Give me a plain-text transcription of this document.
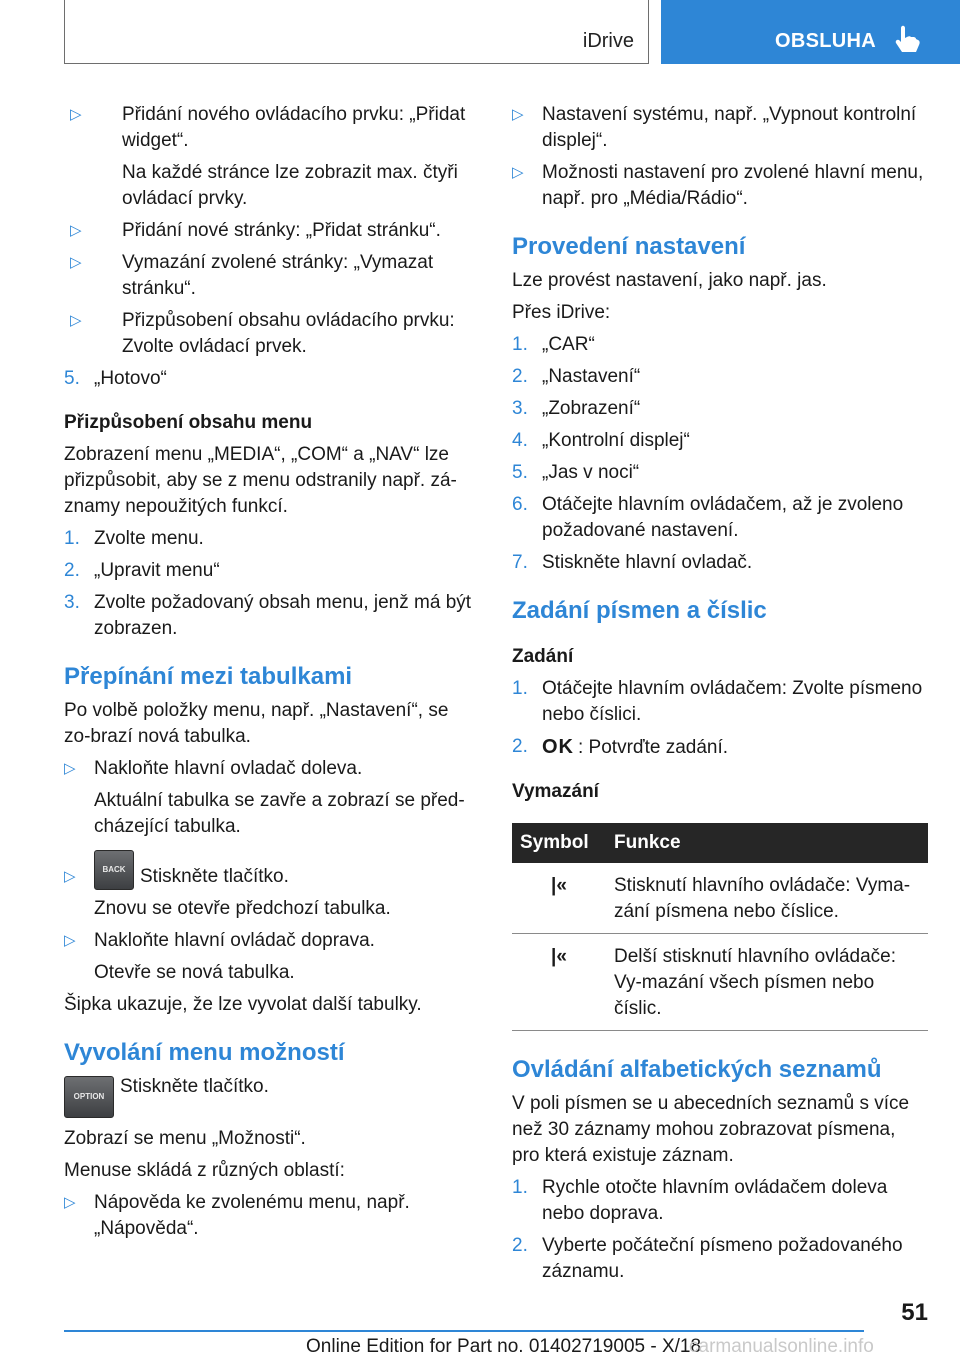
iDrive	OBSLUHA
▷ Přidání nového ovládacího prvku: „Přidat widget“.
Na každé stránce lze zobrazit max. čtyři ovládací prvky.
▷ Přidání nové stránky: „Přidat stránku“.
▷ Vymazání zvolené stránky: „Vymazat stránku“.
▷ Přizpůsobení obsahu ovládacího prvku: Zvolte ovládací prvek.
5. „Hotovo“
Přizpůsobení obsahu menu

Zobrazení menu „MEDIA“, „COM“ a „NAV“ lze přizpůsobit, aby se z menu odstranily např. zá-znamy nepoužitých funkcí.

1. Zvolte menu.
2. „Upravit menu“
3. Zvolte požadovaný obsah menu, jenž má být zobrazen.
Přepínání mezi tabulkami

Po volbě položky menu, např. „Nastavení“, se zo-brazí nová tabulka.

▷ Nakloňte hlavní ovladač doleva.
Aktuální tabulka se zavře a zobrazí se před-cházející tabulka.
▷	BACK Stiskněte tlačítko.
Znovu se otevře předchozí tabulka.
▷ Nakloňte hlavní ovládač doprava.
Otevře se nová tabulka.

Šipka ukazuje, že lze vyvolat další tabulky.

Vyvolání menu možností
OPTION Stiskněte tlačítko.

Zobrazí se menu „Možnosti“.

Menuse skládá z různých oblastí:

▷ Nápověda ke zvolenému menu, např. „Nápověda“.
▷ Nastavení systému, např. „Vypnout kontrolní displej“.
▷ Možnosti nastavení pro zvolené hlavní menu, např. pro „Média/Rádio“.
Provedení nastavení

Lze provést nastavení, jako např. jas.

Přes iDrive:

1. „CAR“
2. „Nastavení“
3. „Zobrazení“
4. „Kontrolní displej“
5. „Jas v noci“
6. Otáčejte hlavním ovládačem, až je zvoleno požadované nastavení.
7. Stiskněte hlavní ovladač.
Zadání písmen a číslic
Zadání
1. Otáčejte hlavním ovládačem: Zvolte písmeno nebo číslici.
2. OK : Potvrďte zadání.
Vymazání
Symbol	Funkce
|«	Stisknutí hlavního ovládače: Vyma-zání písmena nebo číslice.
|«	Delší stisknutí hlavního ovládače: Vy-mazání všech písmen nebo číslic.
Ovládání alfabetických seznamů

V poli písmen se u abecedních seznamů s více než 30 záznamy mohou zobrazovat písmena, pro která existuje záznam.

1. Rychle otočte hlavním ovládačem doleva nebo doprava.
2. Vyberte počáteční písmeno požadovaného záznamu.
51
Online Edition for Part no. 01402719005 - X/18
carmanualsonline.info
